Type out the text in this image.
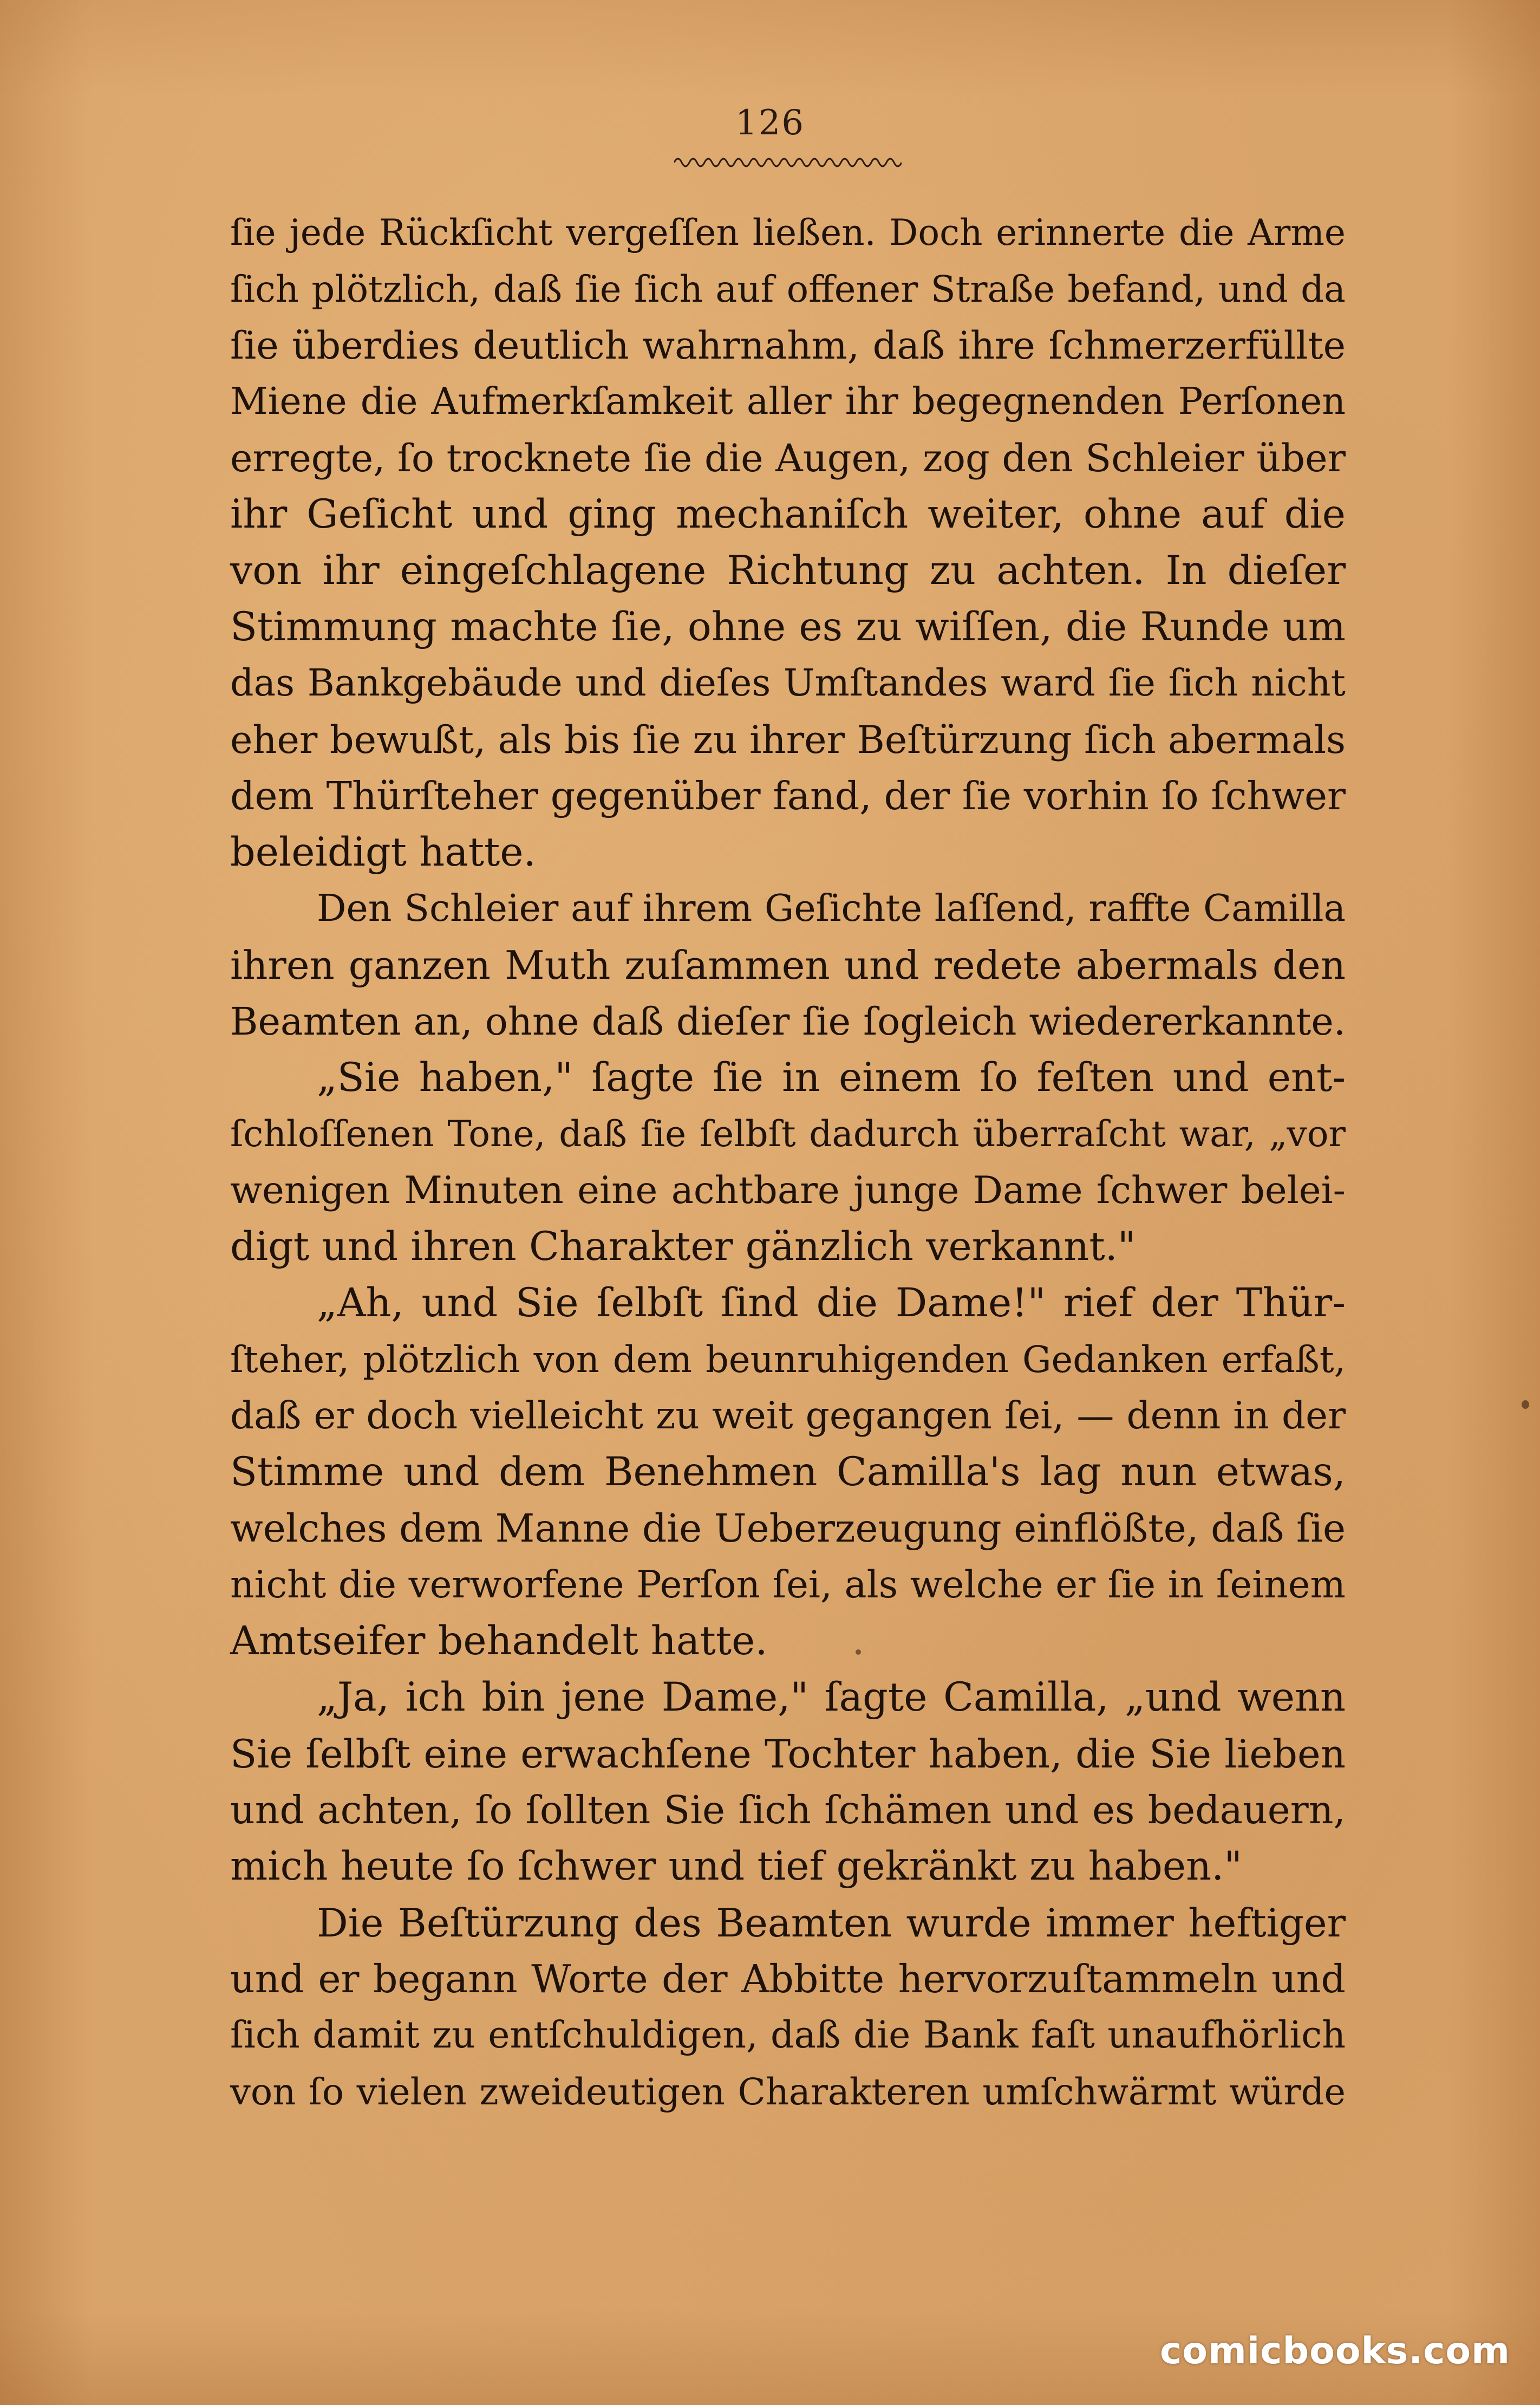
126
ſie jede Rückſicht vergeſſen ließen. Doch erinnerte die Arme
ſich plötzlich, daß ſie ſich auf offener Straße befand, und da
ſie überdies deutlich wahrnahm, daß ihre ſchmerzerfüllte
Miene die Aufmerkſamkeit aller ihr begegnenden Perſonen
erregte, ſo trocknete ſie die Augen, zog den Schleier über
ihr Geſicht und ging mechaniſch weiter, ohne auf die
von ihr eingeſchlagene Richtung zu achten. In dieſer
Stimmung machte ſie, ohne es zu wiſſen, die Runde um
das Bankgebäude und dieſes Umſtandes ward ſie ſich nicht
eher bewußt, als bis ſie zu ihrer Beſtürzung ſich abermals
dem Thürſteher gegenüber fand, der ſie vorhin ſo ſchwer
beleidigt hatte.
Den Schleier auf ihrem Geſichte laſſend, raffte Camilla
ihren ganzen Muth zuſammen und redete abermals den
Beamten an, ohne daß dieſer ſie ſogleich wiedererkannte.
„Sie haben," ſagte ſie in einem ſo feſten und ent-
ſchloſſenen Tone, daß ſie ſelbſt dadurch überraſcht war, „vor
wenigen Minuten eine achtbare junge Dame ſchwer belei-
digt und ihren Charakter gänzlich verkannt."
„Ah, und Sie ſelbſt ſind die Dame!" rief der Thür-
ſteher, plötzlich von dem beunruhigenden Gedanken erfaßt,
daß er doch vielleicht zu weit gegangen ſei, — denn in der
Stimme und dem Benehmen Camilla's lag nun etwas,
welches dem Manne die Ueberzeugung einflößte, daß ſie
nicht die verworfene Perſon ſei, als welche er ſie in ſeinem
Amtseifer behandelt hatte.
„Ja, ich bin jene Dame," ſagte Camilla, „und wenn
Sie ſelbſt eine erwachſene Tochter haben, die Sie lieben
und achten, ſo ſollten Sie ſich ſchämen und es bedauern,
mich heute ſo ſchwer und tief gekränkt zu haben."
Die Beſtürzung des Beamten wurde immer heftiger
und er begann Worte der Abbitte hervorzuſtammeln und
ſich damit zu entſchuldigen, daß die Bank faſt unaufhörlich
von ſo vielen zweideutigen Charakteren umſchwärmt würde
comicbooks.com
